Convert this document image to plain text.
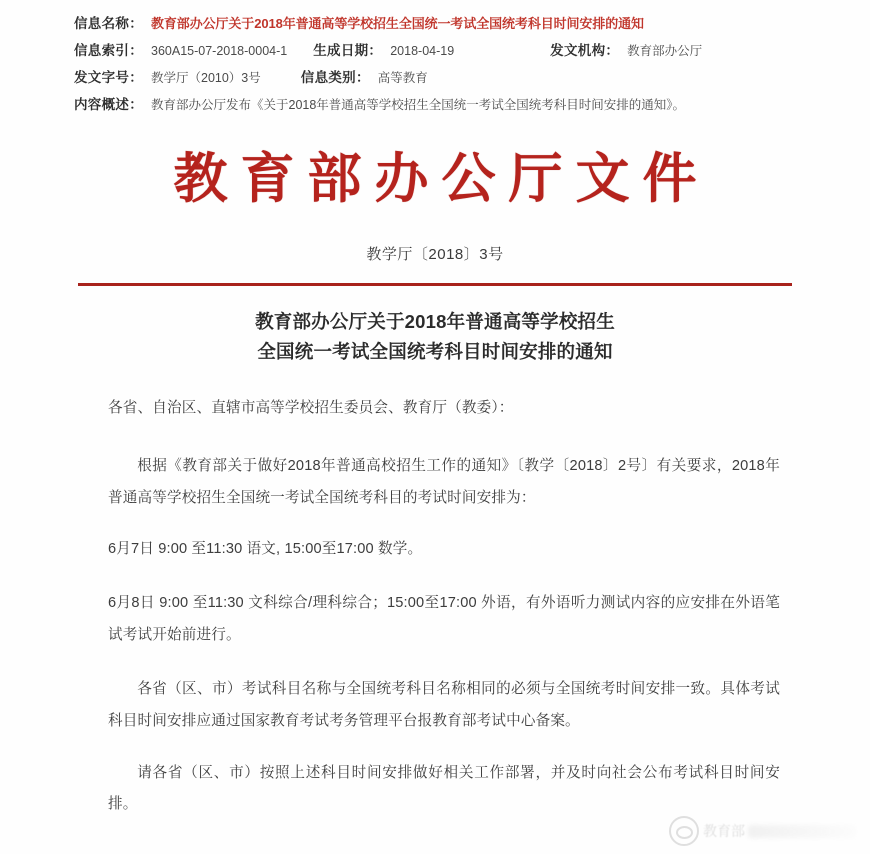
信息名称： 教育部办公厅关于2018年普通高等学校招生全国统一考试全国统考科目时间安排的通知
信息索引： 360A15-07-2018-0004-1 生成日期： 2018-04-19	发文机构： 教育部办公厅
发文字号： 教学厅（2010）3号	信息类别： 高等教育
内容概述： 教育部办公厅发布《关于2018年普通高等学校招生全国统一考试全国统考科目时间安排的通知》。
教育部办公厅文件
教学厅〔2018〕3号
教育部办公厅关于2018年普通高等学校招生
全国统一考试全国统考科目时间安排的通知

各省、自治区、直辖市高等学校招生委员会、教育厅（教委）：

根据《教育部关于做好2018年普通高校招生工作的通知》〔教学〔2018〕2号〕有关要求，2018年普通高等学校招生全国统一考试全国统考科目的考试时间安排为：

6月7日 9:00 至11:30 语文, 15:00至17:00 数学。

6月8日 9:00 至11:30 文科综合/理科综合；15:00至17:00 外语，有外语听力测试内容的应安排在外语笔试考试开始前进行。

各省（区、市）考试科目名称与全国统考科目名称相同的必须与全国统考时间安排一致。具体考试科目时间安排应通过国家教育考试考务管理平台报教育部考试中心备案。

请各省（区、市）按照上述科目时间安排做好相关工作部署，并及时向社会公布考试科目时间安排。

教育部
